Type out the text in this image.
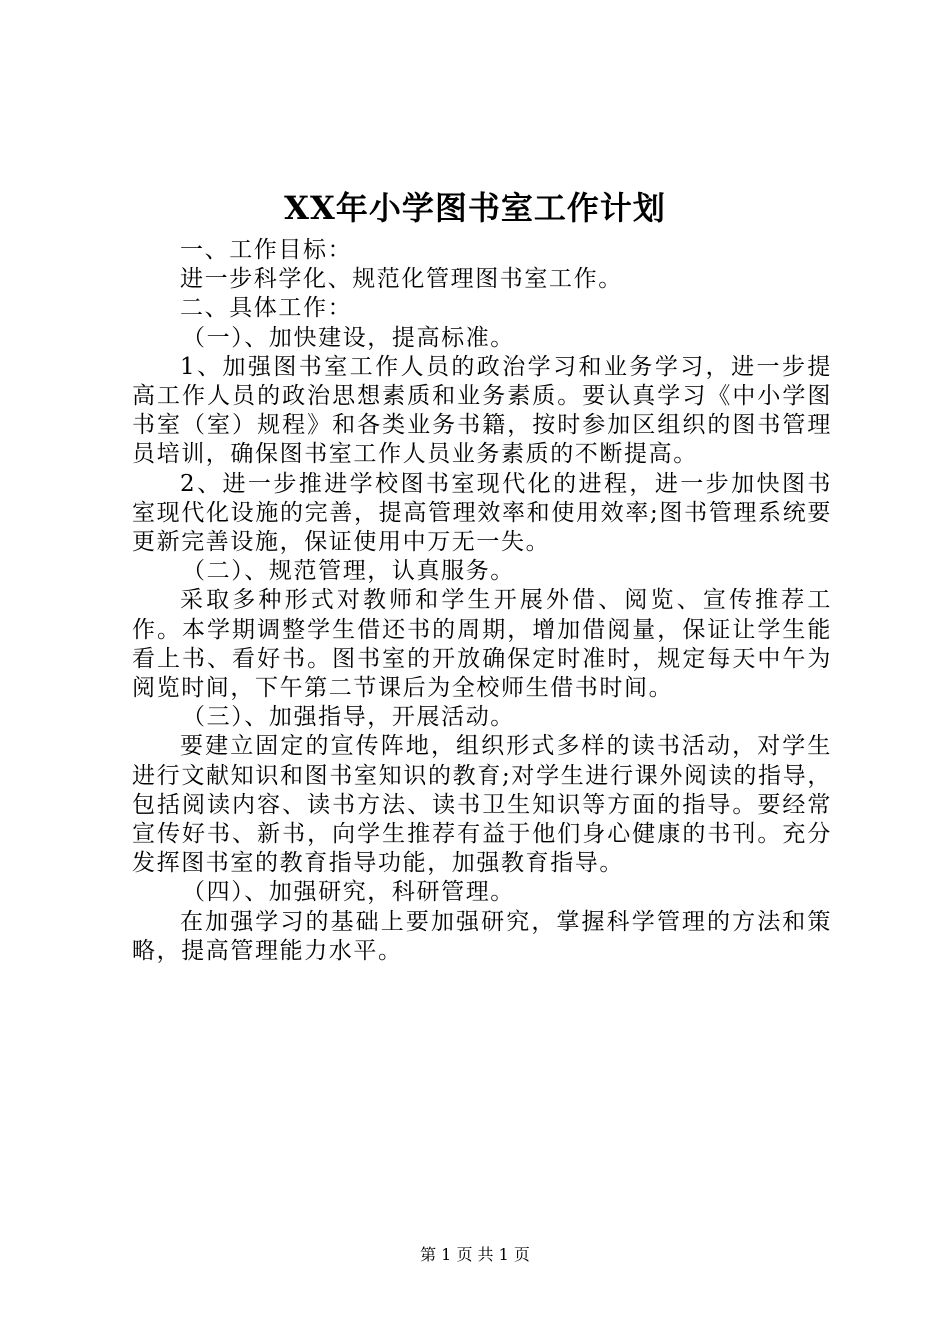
XX年小学图书室工作计划

一、工作目标：

进一步科学化、规范化管理图书室工作。

二、具体工作：

（一）、加快建设，提高标准。

1、加强图书室工作人员的政治学习和业务学习，进一步提高工作人员的政治思想素质和业务素质。要认真学习《中小学图书室（室）规程》和各类业务书籍，按时参加区组织的图书管理员培训，确保图书室工作人员业务素质的不断提高。

2、进一步推进学校图书室现代化的进程，进一步加快图书室现代化设施的完善，提高管理效率和使用效率;图书管理系统要更新完善设施，保证使用中万无一失。

（二）、规范管理，认真服务。

采取多种形式对教师和学生开展外借、阅览、宣传推荐工作。本学期调整学生借还书的周期，增加借阅量，保证让学生能看上书、看好书。图书室的开放确保定时准时，规定每天中午为阅览时间，下午第二节课后为全校师生借书时间。

（三）、加强指导，开展活动。

要建立固定的宣传阵地，组织形式多样的读书活动，对学生进行文献知识和图书室知识的教育;对学生进行课外阅读的指导，包括阅读内容、读书方法、读书卫生知识等方面的指导。要经常宣传好书、新书，向学生推荐有益于他们身心健康的书刊。充分发挥图书室的教育指导功能，加强教育指导。

（四）、加强研究，科研管理。

在加强学习的基础上要加强研究，掌握科学管理的方法和策略，提高管理能力水平。

第 1 页 共 1 页
